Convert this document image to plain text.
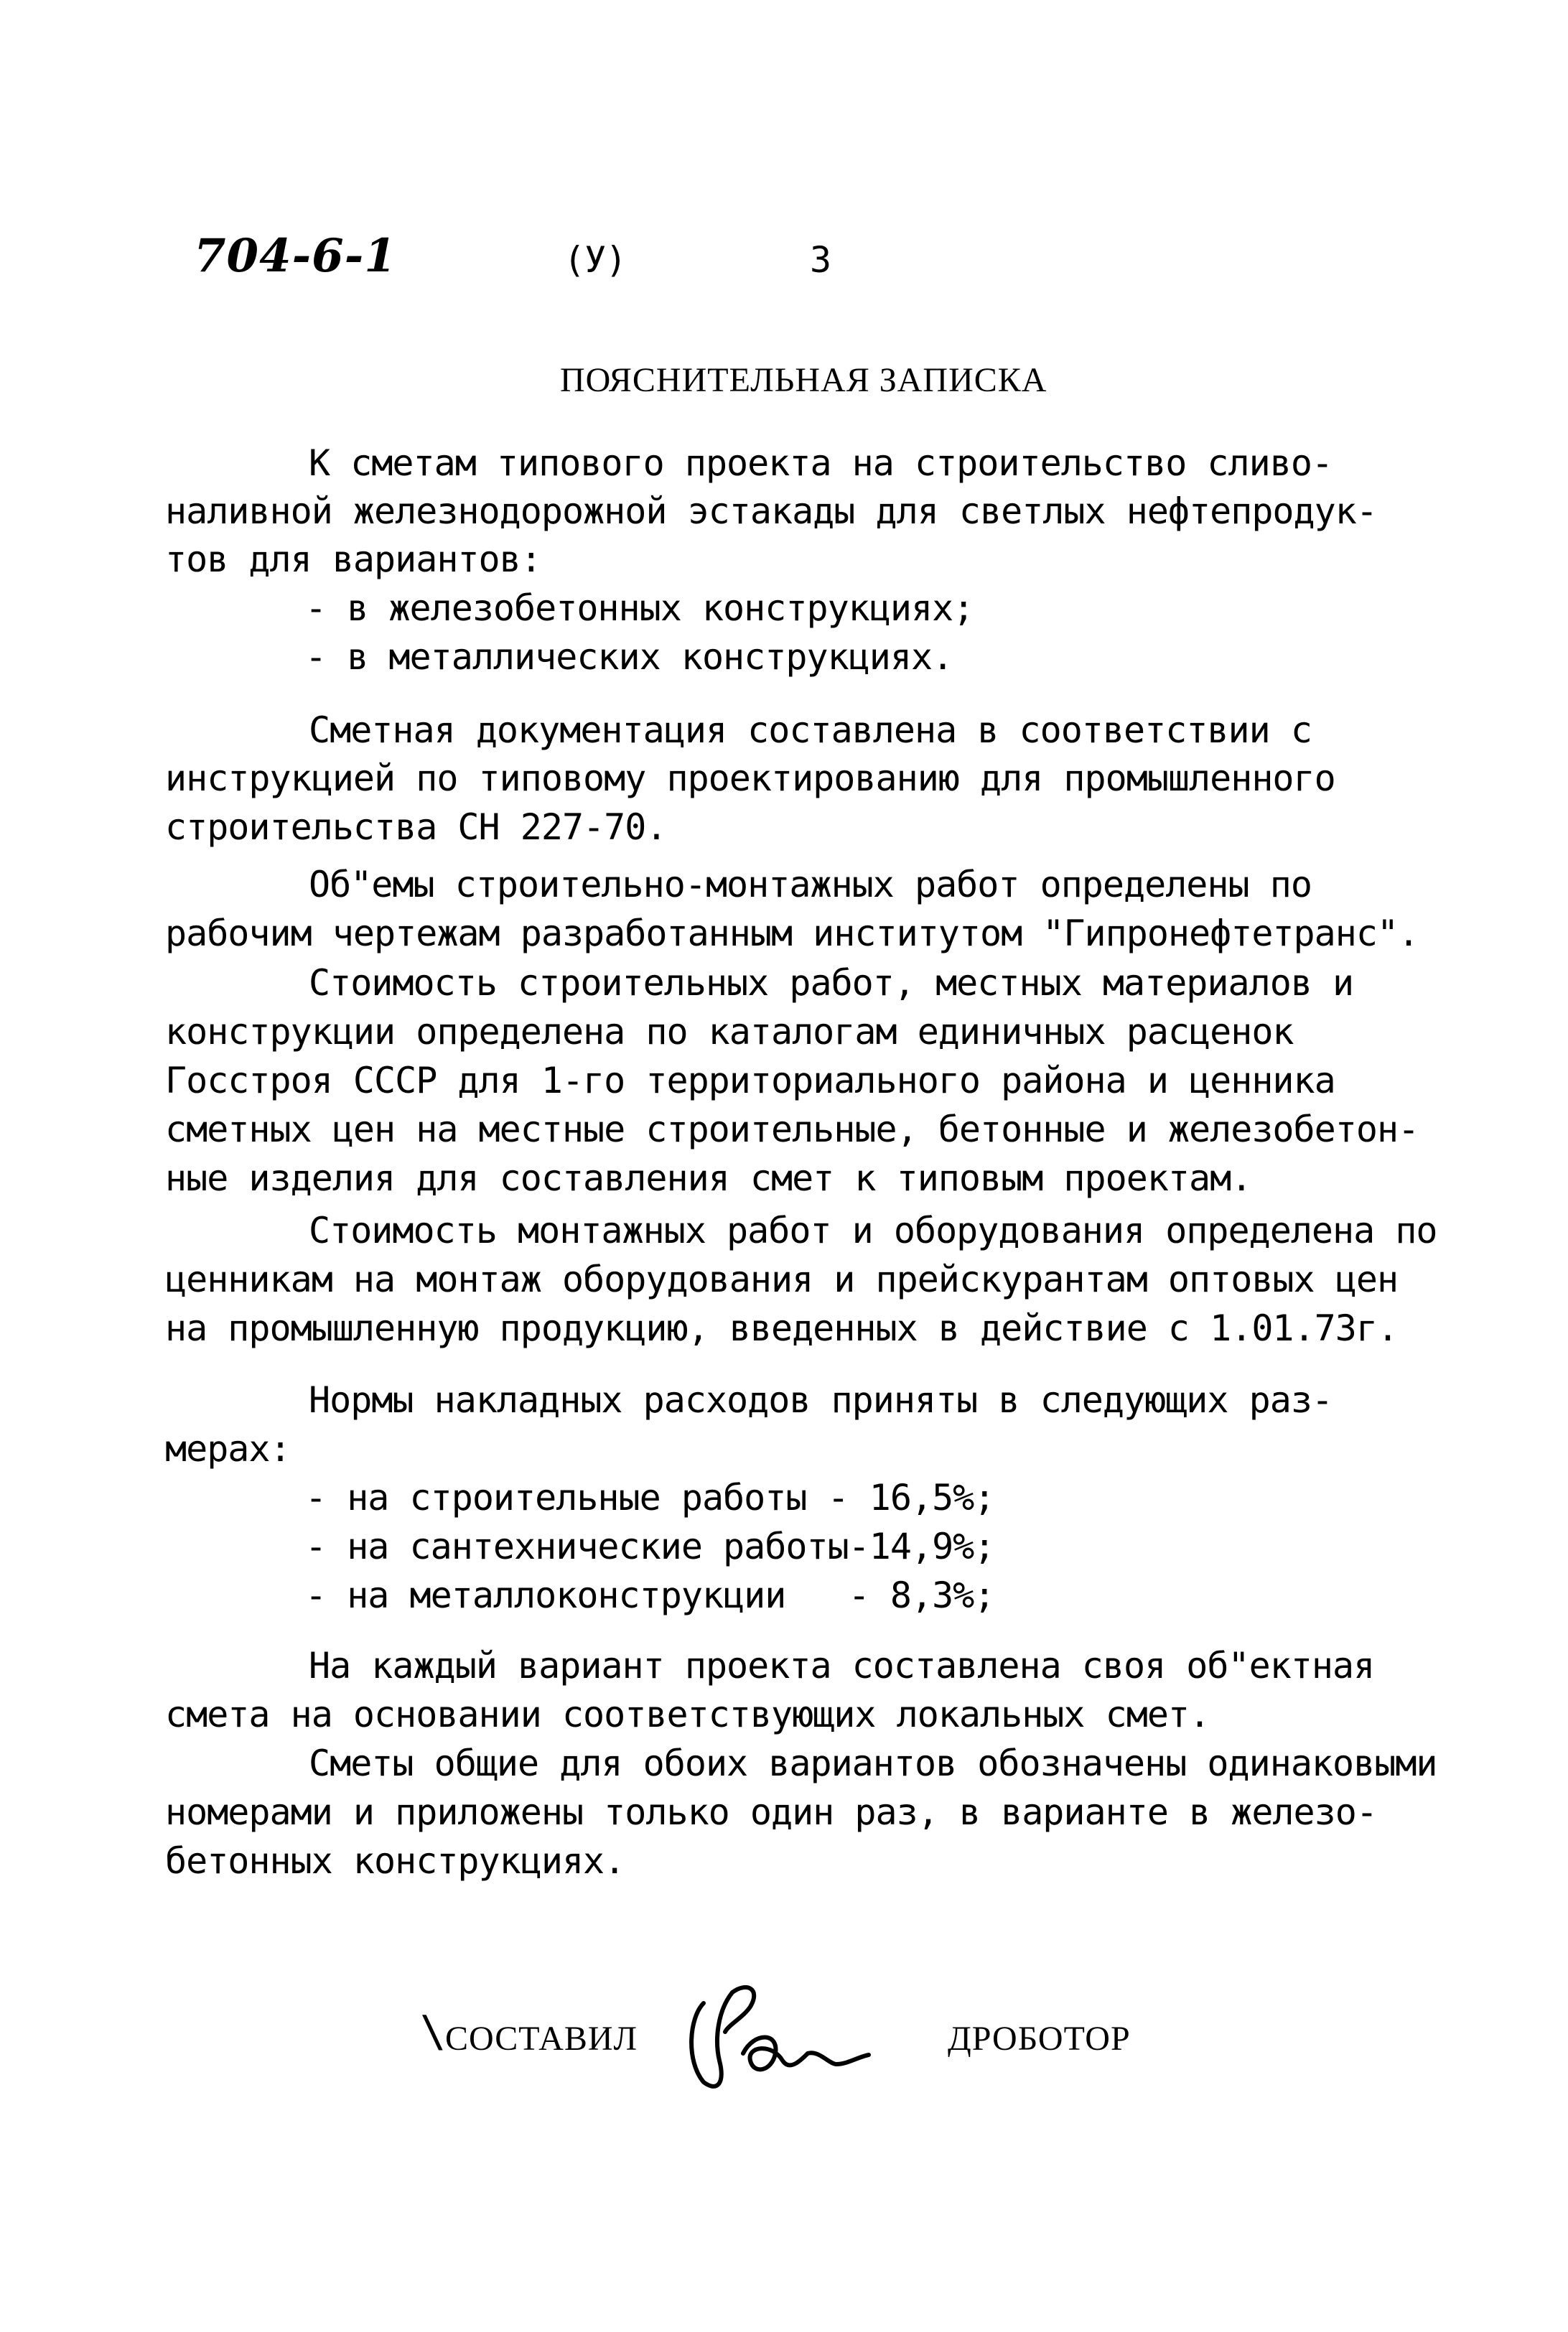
704-6-1	(У)	3
ПОЯСНИТЕЛЬНАЯ ЗАПИСКА
К сметам типового проекта на строительство сливо-
наливной железнодорожной эстакады для светлых нефтепродук-
тов для вариантов:
- в железобетонных конструкциях;
- в металлических конструкциях.
Сметная документация составлена в соответствии с
инструкцией по типовому проектированию для промышленного
строительства СН 227-70.
Об"емы строительно-монтажных работ определены по
рабочим чертежам разработанным институтом "Гипронефтетранс".
Стоимость строительных работ, местных материалов и
конструкции определена по каталогам единичных расценок
Госстроя СССР для 1-го территориального района и ценника
сметных цен на местные строительные, бетонные и железобетон-
ные изделия для составления смет к типовым проектам.
Стоимость монтажных работ и оборудования определена по
ценникам на монтаж оборудования и прейскурантам оптовых цен
на промышленную продукцию, введенных в действие с 1.01.73г.
Нормы накладных расходов приняты в следующих раз-
мерах:
- на строительные работы - 16,5%;
- на сантехнические работы-14,9%;
- на металлоконструкции   - 8,3%;
На каждый вариант проекта составлена своя об"ектная
смета на основании соответствующих локальных смет.
Сметы общие для обоих вариантов обозначены одинаковыми
номерами и приложены только один раз, в варианте в железо-
бетонных конструкциях.
\ СОСТАВИЛ	ДРОБОТОР
